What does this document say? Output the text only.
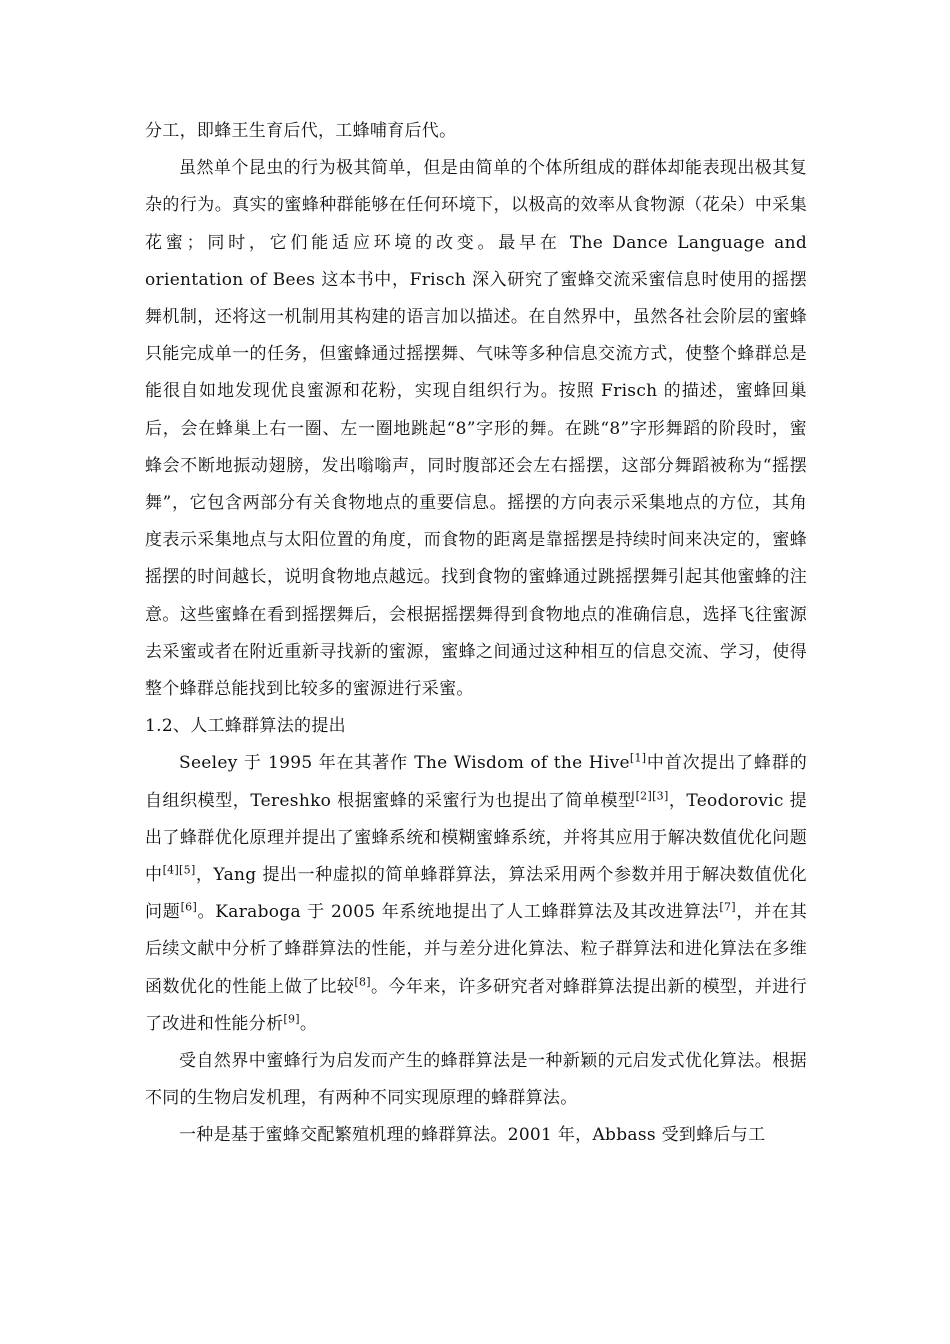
分工，即蜂王生育后代，工蜂哺育后代。

虽然单个昆虫的行为极其简单，但是由简单的个体所组成的群体却能表现出极其复杂的行为。真实的蜜蜂种群能够在任何环境下，以极高的效率从食物源（花朵）中采集花蜜；同时，它们能适应环境的改变。最早在 The Dance Language and orientation of Bees 这本书中，Frisch 深入研究了蜜蜂交流采蜜信息时使用的摇摆舞机制，还将这一机制用其构建的语言加以描述。在自然界中，虽然各社会阶层的蜜蜂只能完成单一的任务，但蜜蜂通过摇摆舞、气味等多种信息交流方式，使整个蜂群总是能很自如地发现优良蜜源和花粉，实现自组织行为。按照 Frisch 的描述，蜜蜂回巢后，会在蜂巢上右一圈、左一圈地跳起“8”字形的舞。在跳“8”字形舞蹈的阶段时，蜜蜂会不断地振动翅膀，发出嗡嗡声，同时腹部还会左右摇摆，这部分舞蹈被称为“摇摆舞”，它包含两部分有关食物地点的重要信息。摇摆的方向表示采集地点的方位，其角度表示采集地点与太阳位置的角度，而食物的距离是靠摇摆是持续时间来决定的，蜜蜂摇摆的时间越长，说明食物地点越远。找到食物的蜜蜂通过跳摇摆舞引起其他蜜蜂的注意。这些蜜蜂在看到摇摆舞后，会根据摇摆舞得到食物地点的准确信息，选择飞往蜜源去采蜜或者在附近重新寻找新的蜜源，蜜蜂之间通过这种相互的信息交流、学习，使得整个蜂群总能找到比较多的蜜源进行采蜜。

1.2、人工蜂群算法的提出

Seeley 于 1995 年在其著作 The Wisdom of the Hive[1]中首次提出了蜂群的自组织模型，Tereshko 根据蜜蜂的采蜜行为也提出了简单模型[2][3]，Teodorovic 提出了蜂群优化原理并提出了蜜蜂系统和模糊蜜蜂系统，并将其应用于解决数值优化问题中[4][5]，Yang 提出一种虚拟的简单蜂群算法，算法采用两个参数并用于解决数值优化问题[6]。Karaboga 于 2005 年系统地提出了人工蜂群算法及其改进算法[7]，并在其后续文献中分析了蜂群算法的性能，并与差分进化算法、粒子群算法和进化算法在多维函数优化的性能上做了比较[8]。今年来，许多研究者对蜂群算法提出新的模型，并进行了改进和性能分析[9]。

受自然界中蜜蜂行为启发而产生的蜂群算法是一种新颖的元启发式优化算法。根据不同的生物启发机理，有两种不同实现原理的蜂群算法。

一种是基于蜜蜂交配繁殖机理的蜂群算法。2001 年，Abbass 受到蜂后与工
